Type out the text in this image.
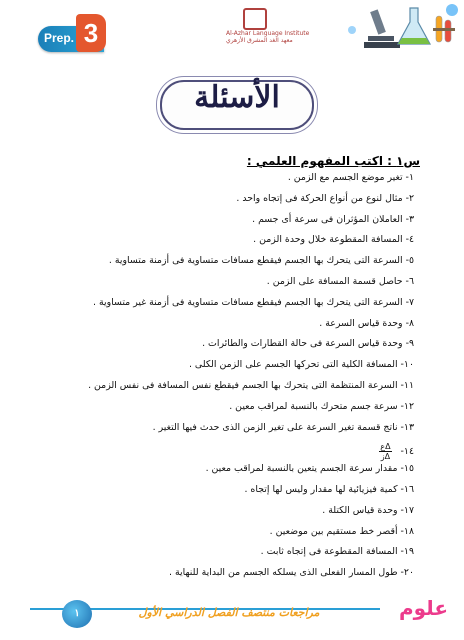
Prep. 3	Al-Azhar Language Institute
معهد الغد المشرق الأزهري
الأسئلة
س١ : اكتب المفهوم العلمي :
١- تغير موضع الجسم مع الزمن .
٢- مثال لنوع من أنواع الحركة فى إتجاه واحد .
٣- العاملان المؤثران فى سرعة أى جسم .
٤- المسافة المقطوعة خلال وحدة الزمن .
٥- السرعة التى يتحرك بها الجسم فيقطع مسافات متساوية فى أزمنة متساوية .
٦- حاصل قسمة المسافة على الزمن .
٧- السرعة التى يتحرك بها الجسم فيقطع مسافات متساوية فى أزمنة غير متساوية .
٨- وحدة قياس السرعة .
٩- وحدة قياس السرعة فى حالة القطارات والطائرات .
١٠- المسافة الكلية التى تحركها الجسم على الزمن الكلى .
١١- السرعة المنتظمة التى يتحرك بها الجسم فيقطع نفس المسافة فى نفس الزمن .
١٢- سرعة جسم متحرك بالنسبة لمراقب معين .
١٣- ناتج قسمة تغير السرعة على تغير الزمن الذى حدث فيها التغير .
١٤-
$\frac{\text{Δع}}{\text{Δز}}$
١٥- مقدار سرعة الجسم يتعين بالنسبة لمراقب معين .
١٦- كمية فيزيائية لها مقدار وليس لها إتجاه .
١٧- وحدة قياس الكتلة .
١٨- أقصر خط مستقيم بين موضعين .
١٩- المسافة المقطوعة فى إتجاه ثابت .
٢٠- طول المسار الفعلى الذى يسلكه الجسم من البداية للنهاية .
١	مراجعات منتصف الفصل الدراسي الأول	علوم
